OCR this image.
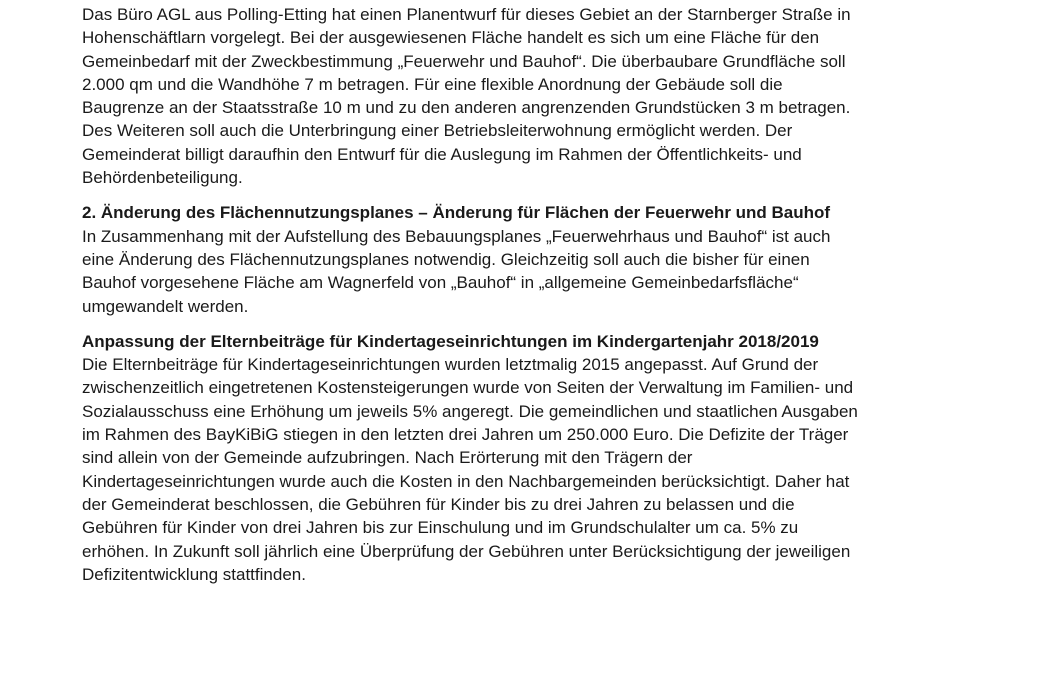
Das Büro AGL aus Polling-Etting hat einen Planentwurf für dieses Gebiet an der Starnberger Straße in
Hohenschäftlarn vorgelegt. Bei der ausgewiesenen Fläche handelt es sich um eine Fläche für den
Gemeinbedarf mit der Zweckbestimmung „Feuerwehr und Bauhof“. Die überbaubare Grundfläche soll
2.000 qm und die Wandhöhe 7 m betragen. Für eine flexible Anordnung der Gebäude soll die
Baugrenze an der Staatsstraße 10 m und zu den anderen angrenzenden Grundstücken 3 m betragen.
Des Weiteren soll auch die Unterbringung einer Betriebsleiterwohnung ermöglicht werden. Der
Gemeinderat billigt daraufhin den Entwurf für die Auslegung im Rahmen der Öffentlichkeits- und
Behördenbeteiligung.
2. Änderung des Flächennutzungsplanes – Änderung für Flächen der Feuerwehr und Bauhof
In Zusammenhang mit der Aufstellung des Bebauungsplanes „Feuerwehrhaus und Bauhof“ ist auch
eine Änderung des Flächennutzungsplanes notwendig. Gleichzeitig soll auch die bisher für einen
Bauhof vorgesehene Fläche am Wagnerfeld von „Bauhof“ in „allgemeine Gemeinbedarfsfläche“
umgewandelt werden.
Anpassung der Elternbeiträge für Kindertageseinrichtungen im Kindergartenjahr 2018/2019
Die Elternbeiträge für Kindertageseinrichtungen wurden letztmalig 2015 angepasst. Auf Grund der
zwischenzeitlich eingetretenen Kostensteigerungen wurde von Seiten der Verwaltung im Familien- und
Sozialausschuss eine Erhöhung um jeweils 5% angeregt. Die gemeindlichen und staatlichen Ausgaben
im Rahmen des BayKiBiG stiegen in den letzten drei Jahren um 250.000 Euro. Die Defizite der Träger
sind allein von der Gemeinde aufzubringen. Nach Erörterung mit den Trägern der
Kindertageseinrichtungen wurde auch die Kosten in den Nachbargemeinden berücksichtigt. Daher hat
der Gemeinderat beschlossen, die Gebühren für Kinder bis zu drei Jahren zu belassen und die
Gebühren für Kinder von drei Jahren bis zur Einschulung und im Grundschulalter um ca. 5% zu
erhöhen. In Zukunft soll jährlich eine Überprüfung der Gebühren unter Berücksichtigung der jeweiligen
Defizitentwicklung stattfinden.
